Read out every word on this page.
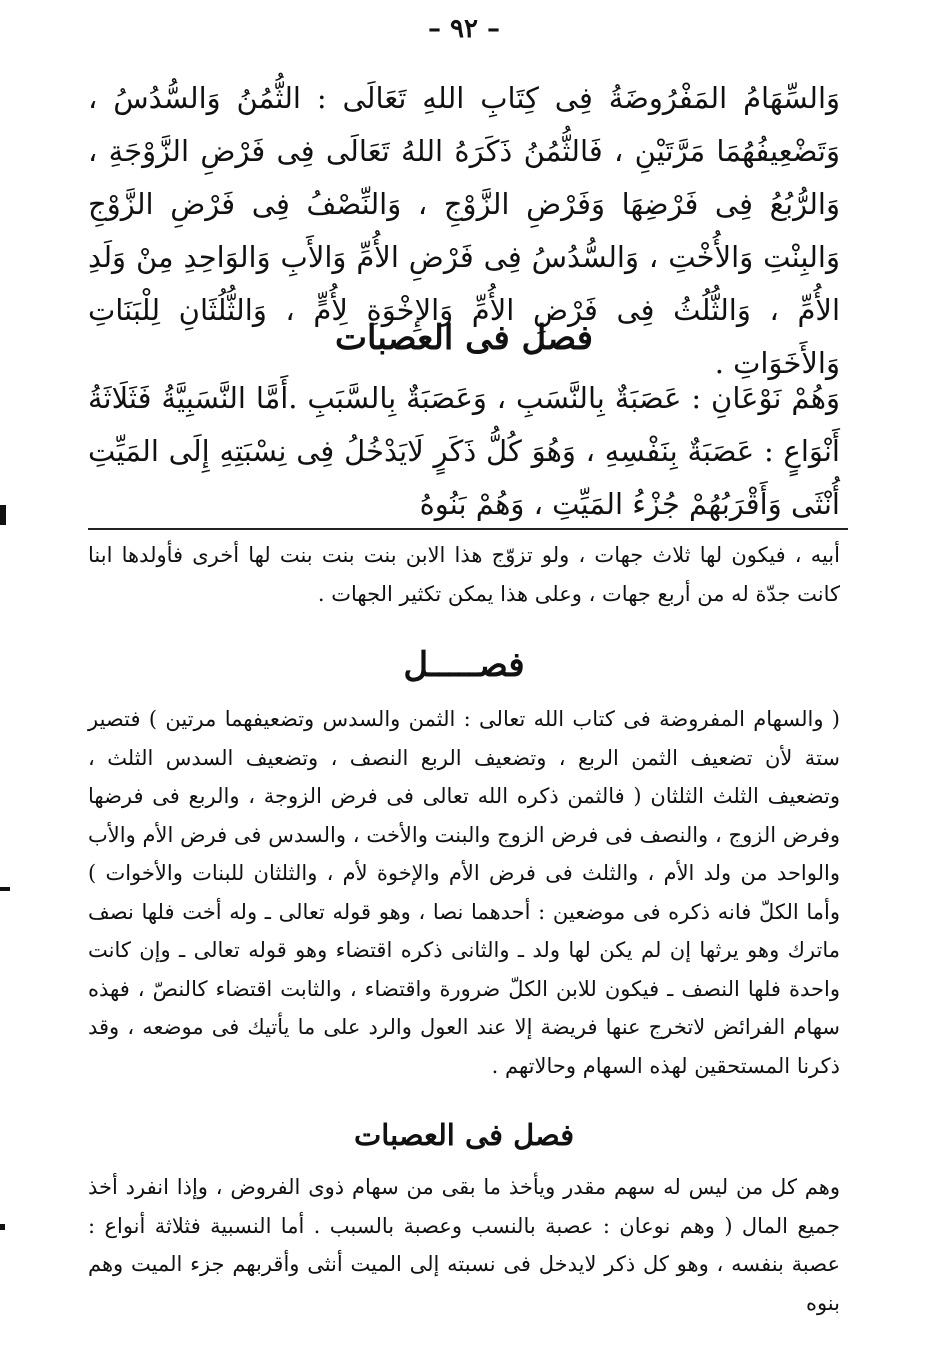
– ٩٢ –

وَالسِّهَامُ المَفْرُوضَةُ فِى كِتَابِ اللهِ تَعَالَى : الثُّمُنُ وَالسُّدُسُ ، وَتَضْعِيفُهُمَا مَرَّتَيْنِ ، فَالثُّمُنُ ذَكَرَهُ اللهُ تَعَالَى فِى فَرْضِ الزَّوْجَةِ ، وَالرُّبُعُ فِى فَرْضِهَا وَفَرْضِ الزَّوْجِ ، وَالنِّصْفُ فِى فَرْضِ الزَّوْجِ وَالبِنْتِ وَالأُخْتِ ، وَالسُّدُسُ فِى فَرْضِ الأُمِّ وَالأَبِ وَالوَاحِدِ مِنْ وَلَدِ الأُمِّ ، وَالثُّلُثُ فِى فَرْضِ الأُمِّ وَالإِخْوَةِ لِأُمٍّ ، وَالثُّلُثَانِ لِلْبَنَاتِ وَالأَخَوَاتِ .

فصل فى العصبات

وَهُمْ نَوْعَانِ : عَصَبَةٌ بِالنَّسَبِ ، وَعَصَبَةٌ بِالسَّبَبِ .أَمَّا النَّسَبِيَّةُ فَثَلَاثَةُ أَنْوَاعٍ : عَصَبَةٌ بِنَفْسِهِ ، وَهُوَ كُلُّ ذَكَرٍ لَايَدْخُلُ فِى نِسْبَتِهِ إِلَى المَيِّتِ أُنْثَى وَأَقْرَبُهُمْ جُزْءُ المَيِّتِ ، وَهُمْ بَنُوهُ

أبيه ، فيكون لها ثلاث جهات ، ولو تزوّج هذا الابن بنت بنت بنت لها أخرى فأولدها ابنا كانت جدّة له من أربع جهات ، وعلى هذا يمكن تكثير الجهات .

فصـــــل

( والسهام المفروضة فى كتاب الله تعالى : الثمن والسدس وتضعيفهما مرتين ) فتصير ستة لأن تضعيف الثمن الربع ، وتضعيف الربع النصف ، وتضعيف السدس الثلث ، وتضعيف الثلث الثلثان ( فالثمن ذكره الله تعالى فى فرض الزوجة ، والربع فى فرضها وفرض الزوج ، والنصف فى فرض الزوج والبنت والأخت ، والسدس فى فرض الأم والأب والواحد من ولد الأم ، والثلث فى فرض الأم والإخوة لأم ، والثلثان للبنات والأخوات ) وأما الكلّ فانه ذكره فى موضعين : أحدهما نصا ، وهو قوله تعالى ـ وله أخت فلها نصف ماترك وهو يرثها إن لم يكن لها ولد ـ والثانى ذكره اقتضاء وهو قوله تعالى ـ وإن كانت واحدة فلها النصف ـ فيكون للابن الكلّ ضرورة واقتضاء ، والثابت اقتضاء كالنصّ ، فهذه سهام الفرائض لاتخرج عنها فريضة إلا عند العول والرد على ما يأتيك فى موضعه ، وقد ذكرنا المستحقين لهذه السهام وحالاتهم .

فصل فى العصبات

وهم كل من ليس له سهم مقدر ويأخذ ما بقى من سهام ذوى الفروض ، وإذا انفرد أخذ جميع المال ( وهم نوعان : عصبة بالنسب وعصبة بالسبب . أما النسبية فثلاثة أنواع : عصبة بنفسه ، وهو كل ذكر لايدخل فى نسبته إلى الميت أنثى وأقربهم جزء الميت وهم بنوه
